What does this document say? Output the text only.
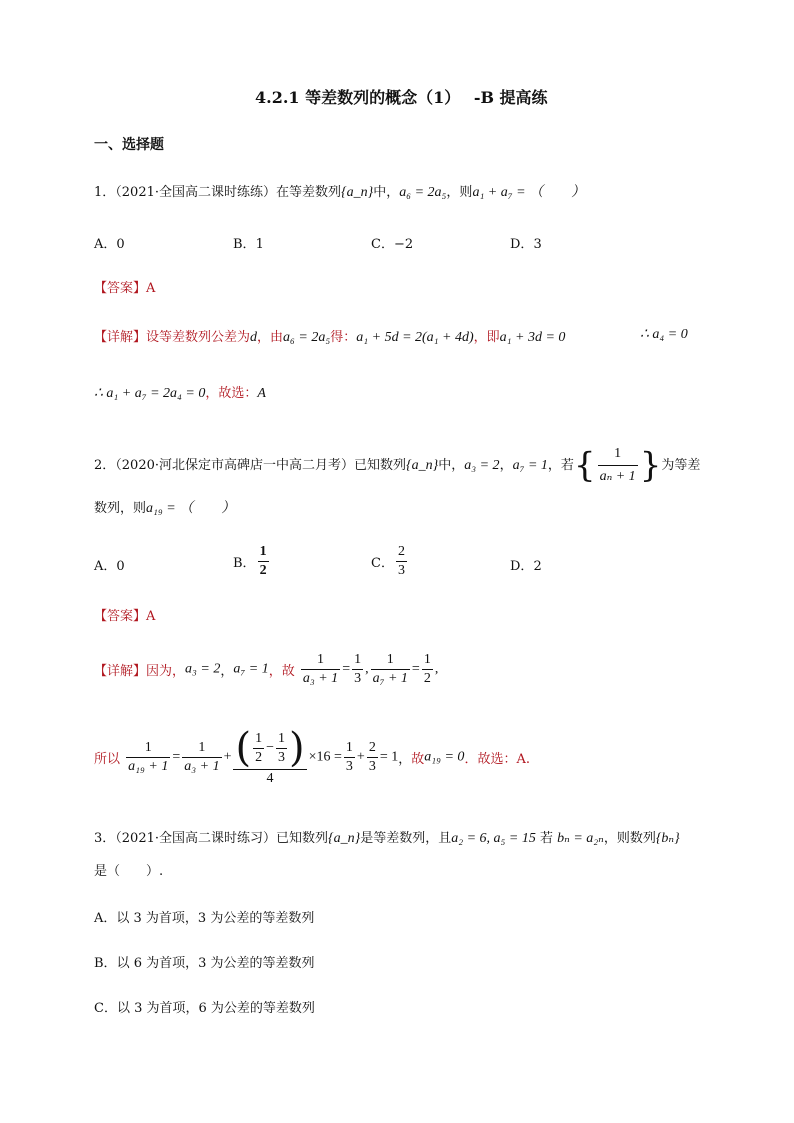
4.2.1 等差数列的概念（1）　 -B 提高练
一、选择题
1．（2021·全国高二课时练练）在等差数列{a_n}中，a₆ = 2a₅，则a₁ + a₇ = （　　）
A．0	B．1	C．−2	D．3
【答案】A
【详解】设等差数列公差为d，由a₆ = 2a₅得：a₁ + 5d = 2(a₁ + 4d)，即a₁ + 3d = 0	∴ a₄ = 0
∴ a₁ + a₇ = 2a₄ = 0，故选：A
2．（2020·河北保定市高碑店一中高二月考）已知数列{a_n}中，a₃ = 2，a₇ = 1，若{ $\frac{1}{\text{aₙ + 1}}$ }为等差
数列，则a₁₉ = （　　）
A．0	B． $\frac{1}{2}$	C． $\frac{2}{3}$	D．2
【答案】A
【详解】因为，a₃ = 2，a₇ = 1，故 $\frac{1}{\text{a₃ + 1}} = \frac{1}{3}$ , $\frac{1}{\text{a₇ + 1}} = \frac{1}{2}$ ,
所以 $\frac{1}{\text{a₁₉ + 1}} = \frac{1}{\text{a₃ + 1}} + \frac{( \frac{1}{2} - \frac{1}{3} )}{4} \times 16 = \frac{1}{3} + \frac{2}{3} = 1$，故a₁₉ = 0．故选：A.
3．（2021·全国高二课时练习）已知数列{a_n}是等差数列，且a₂ = 6, a₅ = 15 若 bₙ = a₂ₙ，则数列{bₙ}
是（　　）.
A．以 3 为首项，3 为公差的等差数列
B．以 6 为首项，3 为公差的等差数列
C．以 3 为首项，6 为公差的等差数列
